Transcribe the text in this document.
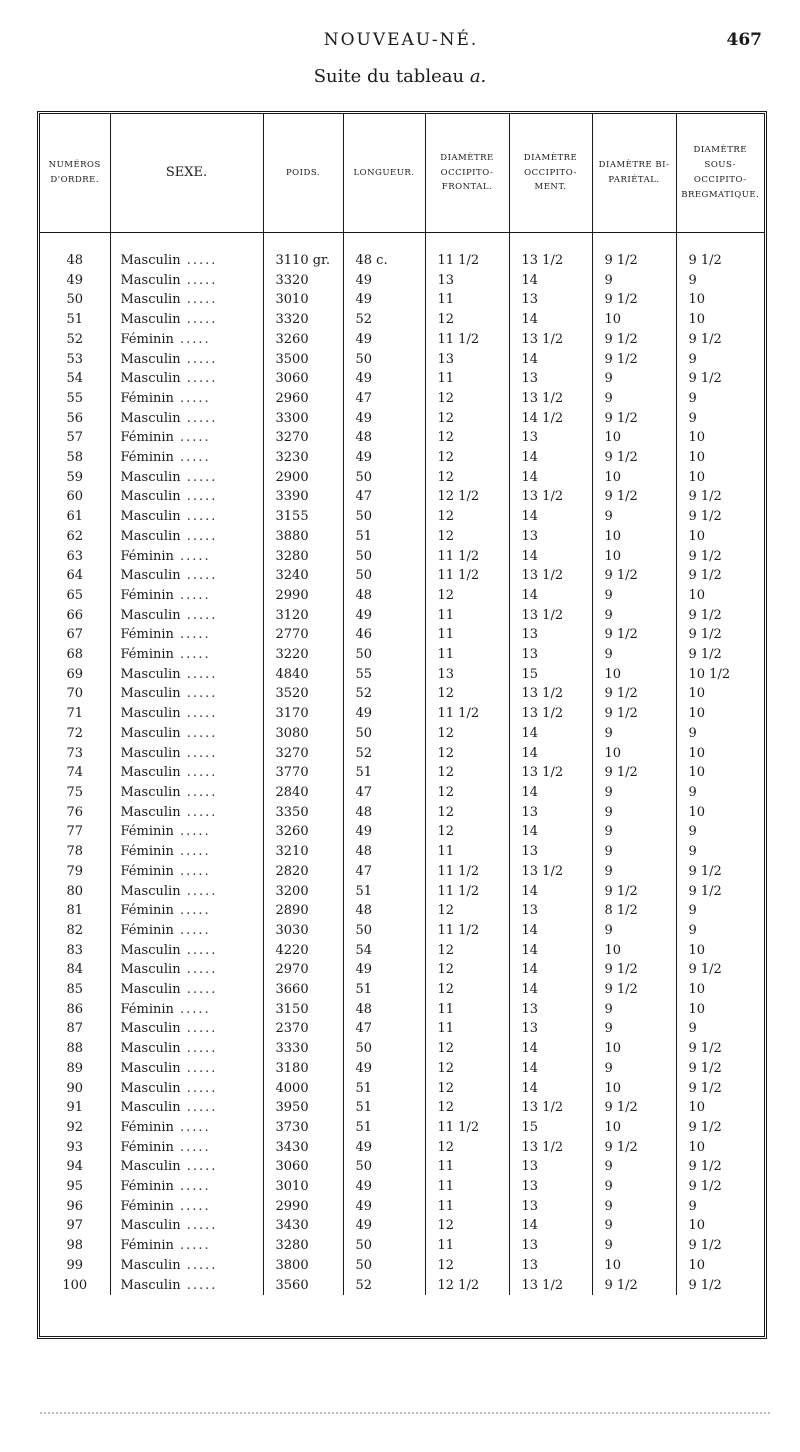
NOUVEAU-NÉ.	467
Suite du tableau a.
NUMÉROS D'ORDRE.	SEXE.	POIDS.	LONGUEUR.	DIAMÈTRE OCCIPITO-FRONTAL.	DIAMÈTRE OCCIPITO-MENT.	DIAMÈTRE BI-PARIÉTAL.	DIAMÈTRE SOUS-OCCIPITO-BREGMATIQUE.
48	Masculin .....	3110 gr.	48 c.	11 1/2	13 1/2	9 1/2	9 1/2
49	Masculin .....	3320	49	13	14	9	9
50	Masculin .....	3010	49	11	13	9 1/2	10
51	Masculin .....	3320	52	12	14	10	10
52	Féminin .....	3260	49	11 1/2	13 1/2	9 1/2	9 1/2
53	Masculin .....	3500	50	13	14	9 1/2	9
54	Masculin .....	3060	49	11	13	9	9 1/2
55	Féminin .....	2960	47	12	13 1/2	9	9
56	Masculin .....	3300	49	12	14 1/2	9 1/2	9
57	Féminin .....	3270	48	12	13	10	10
58	Féminin .....	3230	49	12	14	9 1/2	10
59	Masculin .....	2900	50	12	14	10	10
60	Masculin .....	3390	47	12 1/2	13 1/2	9 1/2	9 1/2
61	Masculin .....	3155	50	12	14	9	9 1/2
62	Masculin .....	3880	51	12	13	10	10
63	Féminin .....	3280	50	11 1/2	14	10	9 1/2
64	Masculin .....	3240	50	11 1/2	13 1/2	9 1/2	9 1/2
65	Féminin .....	2990	48	12	14	9	10
66	Masculin .....	3120	49	11	13 1/2	9	9 1/2
67	Féminin .....	2770	46	11	13	9 1/2	9 1/2
68	Féminin .....	3220	50	11	13	9	9 1/2
69	Masculin .....	4840	55	13	15	10	10 1/2
70	Masculin .....	3520	52	12	13 1/2	9 1/2	10
71	Masculin .....	3170	49	11 1/2	13 1/2	9 1/2	10
72	Masculin .....	3080	50	12	14	9	9
73	Masculin .....	3270	52	12	14	10	10
74	Masculin .....	3770	51	12	13 1/2	9 1/2	10
75	Masculin .....	2840	47	12	14	9	9
76	Masculin .....	3350	48	12	13	9	10
77	Féminin .....	3260	49	12	14	9	9
78	Féminin .....	3210	48	11	13	9	9
79	Féminin .....	2820	47	11 1/2	13 1/2	9	9 1/2
80	Masculin .....	3200	51	11 1/2	14	9 1/2	9 1/2
81	Féminin .....	2890	48	12	13	8 1/2	9
82	Féminin .....	3030	50	11 1/2	14	9	9
83	Masculin .....	4220	54	12	14	10	10
84	Masculin .....	2970	49	12	14	9 1/2	9 1/2
85	Masculin .....	3660	51	12	14	9 1/2	10
86	Féminin .....	3150	48	11	13	9	10
87	Masculin .....	2370	47	11	13	9	9
88	Masculin .....	3330	50	12	14	10	9 1/2
89	Masculin .....	3180	49	12	14	9	9 1/2
90	Masculin .....	4000	51	12	14	10	9 1/2
91	Masculin .....	3950	51	12	13 1/2	9 1/2	10
92	Féminin .....	3730	51	11 1/2	15	10	9 1/2
93	Féminin .....	3430	49	12	13 1/2	9 1/2	10
94	Masculin .....	3060	50	11	13	9	9 1/2
95	Féminin .....	3010	49	11	13	9	9 1/2
96	Féminin .....	2990	49	11	13	9	9
97	Masculin .....	3430	49	12	14	9	10
98	Féminin .....	3280	50	11	13	9	9 1/2
99	Masculin .....	3800	50	12	13	10	10
100	Masculin .....	3560	52	12 1/2	13 1/2	9 1/2	9 1/2
